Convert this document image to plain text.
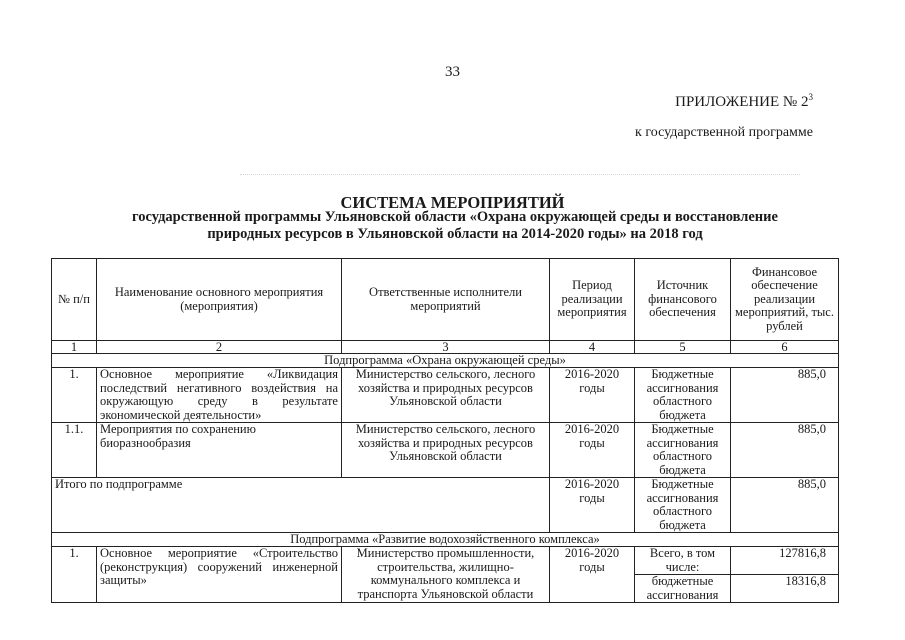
33
ПРИЛОЖЕНИЕ № $2^3$
к государственной программе
СИСТЕМА МЕРОПРИЯТИЙ
государственной программы Ульяновской области «Охрана окружающей среды и восстановление
природных ресурсов в Ульяновской области на 2014-2020 годы» на 2018 год
№ п/п	Наименование основного мероприятия (мероприятия)	Ответственные исполнители мероприятий	Период реализации мероприятия	Источник финансового обеспечения	Финансовое обеспечение реализации мероприятий, тыс. рублей
1	2	3	4	5	6
Подпрограмма «Охрана окружающей среды»					
1.	Основное мероприятие «Ликвидация последствий негативного воздействия на окружающую среду в результате экономической деятельности»	Министерство сельского, лесного хозяйства и природных ресурсов Ульяновской области	2016-2020 годы	Бюджетные ассигнования областного бюджета	885,0
1.1.	Мероприятия по сохранению биоразнообразия	Министерство сельского, лесного хозяйства и природных ресурсов Ульяновской области	2016-2020 годы	Бюджетные ассигнования областного бюджета	885,0
Итого по подпрограмме			2016-2020 годы	Бюджетные ассигнования областного бюджета	885,0
Подпрограмма «Развитие водохозяйственного комплекса»					
1.	Основное мероприятие «Строительство (реконструкция) сооружений инженерной защиты»	Министерство промышленности, строительства, жилищно-коммунального комплекса и транспорта Ульяновской области	2016-2020 годы	Всего, в том числе:	127816,8
				бюджетные ассигнования	18316,8
